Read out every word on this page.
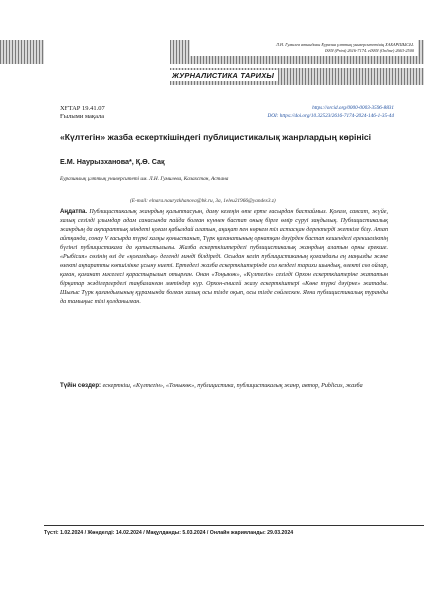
Л.Н. Гумилев атындағы Еуразия ұлттық университетінің ХАБАРШЫСЫ.
ISSN (Print) 2616-7174. eISSN (Online) 2663-2500
ЖУРНАЛИСТИКА ТАРИХЫ
ХҒТАР 19.41.07
Ғылыми мақала
https://orcid.org/0000-0003-3596-8831
DOI: https://doi.org/10.32523/2616-7174-2024-146-1-35-44
«Күлтегін» жазба ескерткішіндегі публицистикалық жанрлардың көрінісі
Е.М. Наурызханова*, Қ.Ө. Сақ
Еуразиялық ұлттық университеті им. Л.Н. Гумилева, Казахстан, Астана
(E-mail: elnara.nauryzkhanova@bk.ru, 3a, 1eleu21966@yandex3.z)
Аңдатпа. Публицистикалық жанрдың қалыптасуын, даму кезеңін өте ерте ғасырдан бастаймыз. Қоғам, саясат, жүйе, халық сезілді ұлымдар адам санасында пайда болған күннен бастап оның бірге өмір сүруі заңдылық. Публицистикалық жанрдың да ақпараттық міндеті қоғам қабылдай алатын, ақиқат пен көркем тіл астасқан деректерді жеткізе білу. Атап айтқанда, сонау V ғасырда түркі халқы қоныстанып, Түрк қағанатының орнатқан дәуірден бастап кешендегі ерекшеліктің бүгінгі публицистикаға да қатыстылығы. Жазба ескерткіштердегі публицистикалық жанрдың алатын орны ерекше. «Рыбісия» сөзінің өзі де «қоғамдық» дегенді мәнді білдіреді. Осыдан келіп публицистиканың қоғамдағы ең маңызды және өзекті ақпаратты көпшілікке ұсыну ниеті. Ертедегі жазба ескерткіштерінде сол кездегі тарихи шындық, өзекті сөз ойлар, қаған, қағанат мәселесі қарастырылып отырған. Онан «Тоңыкөк», «Күлтегін» сезілді Орхон ескерткіштеріне жататын бірқатар жәдігерлердегі таңбаланған мәтіндер күр. Орхон-енисей жазу ескерткіштері «Көне түркі дәуірне» жатады. Шығыс Түрк қағандығының құрамында болған халық осы тілде оқып, осы тілде сөйлескен. Яғни публицистикалық туранды да тамыңыс тілі қолданылған.
Түйін сөздер: ескерткіш, «Күлтегін», «Тоныкөк», публицистика, публицистикалық жанр, автор, Publicus, жазба
Түсті: 1.02.2024 / Жөнделді: 14.02.2024 / Мақұлданды: 5.03.2024 / Онлайн жарияланды: 29.03.2024
